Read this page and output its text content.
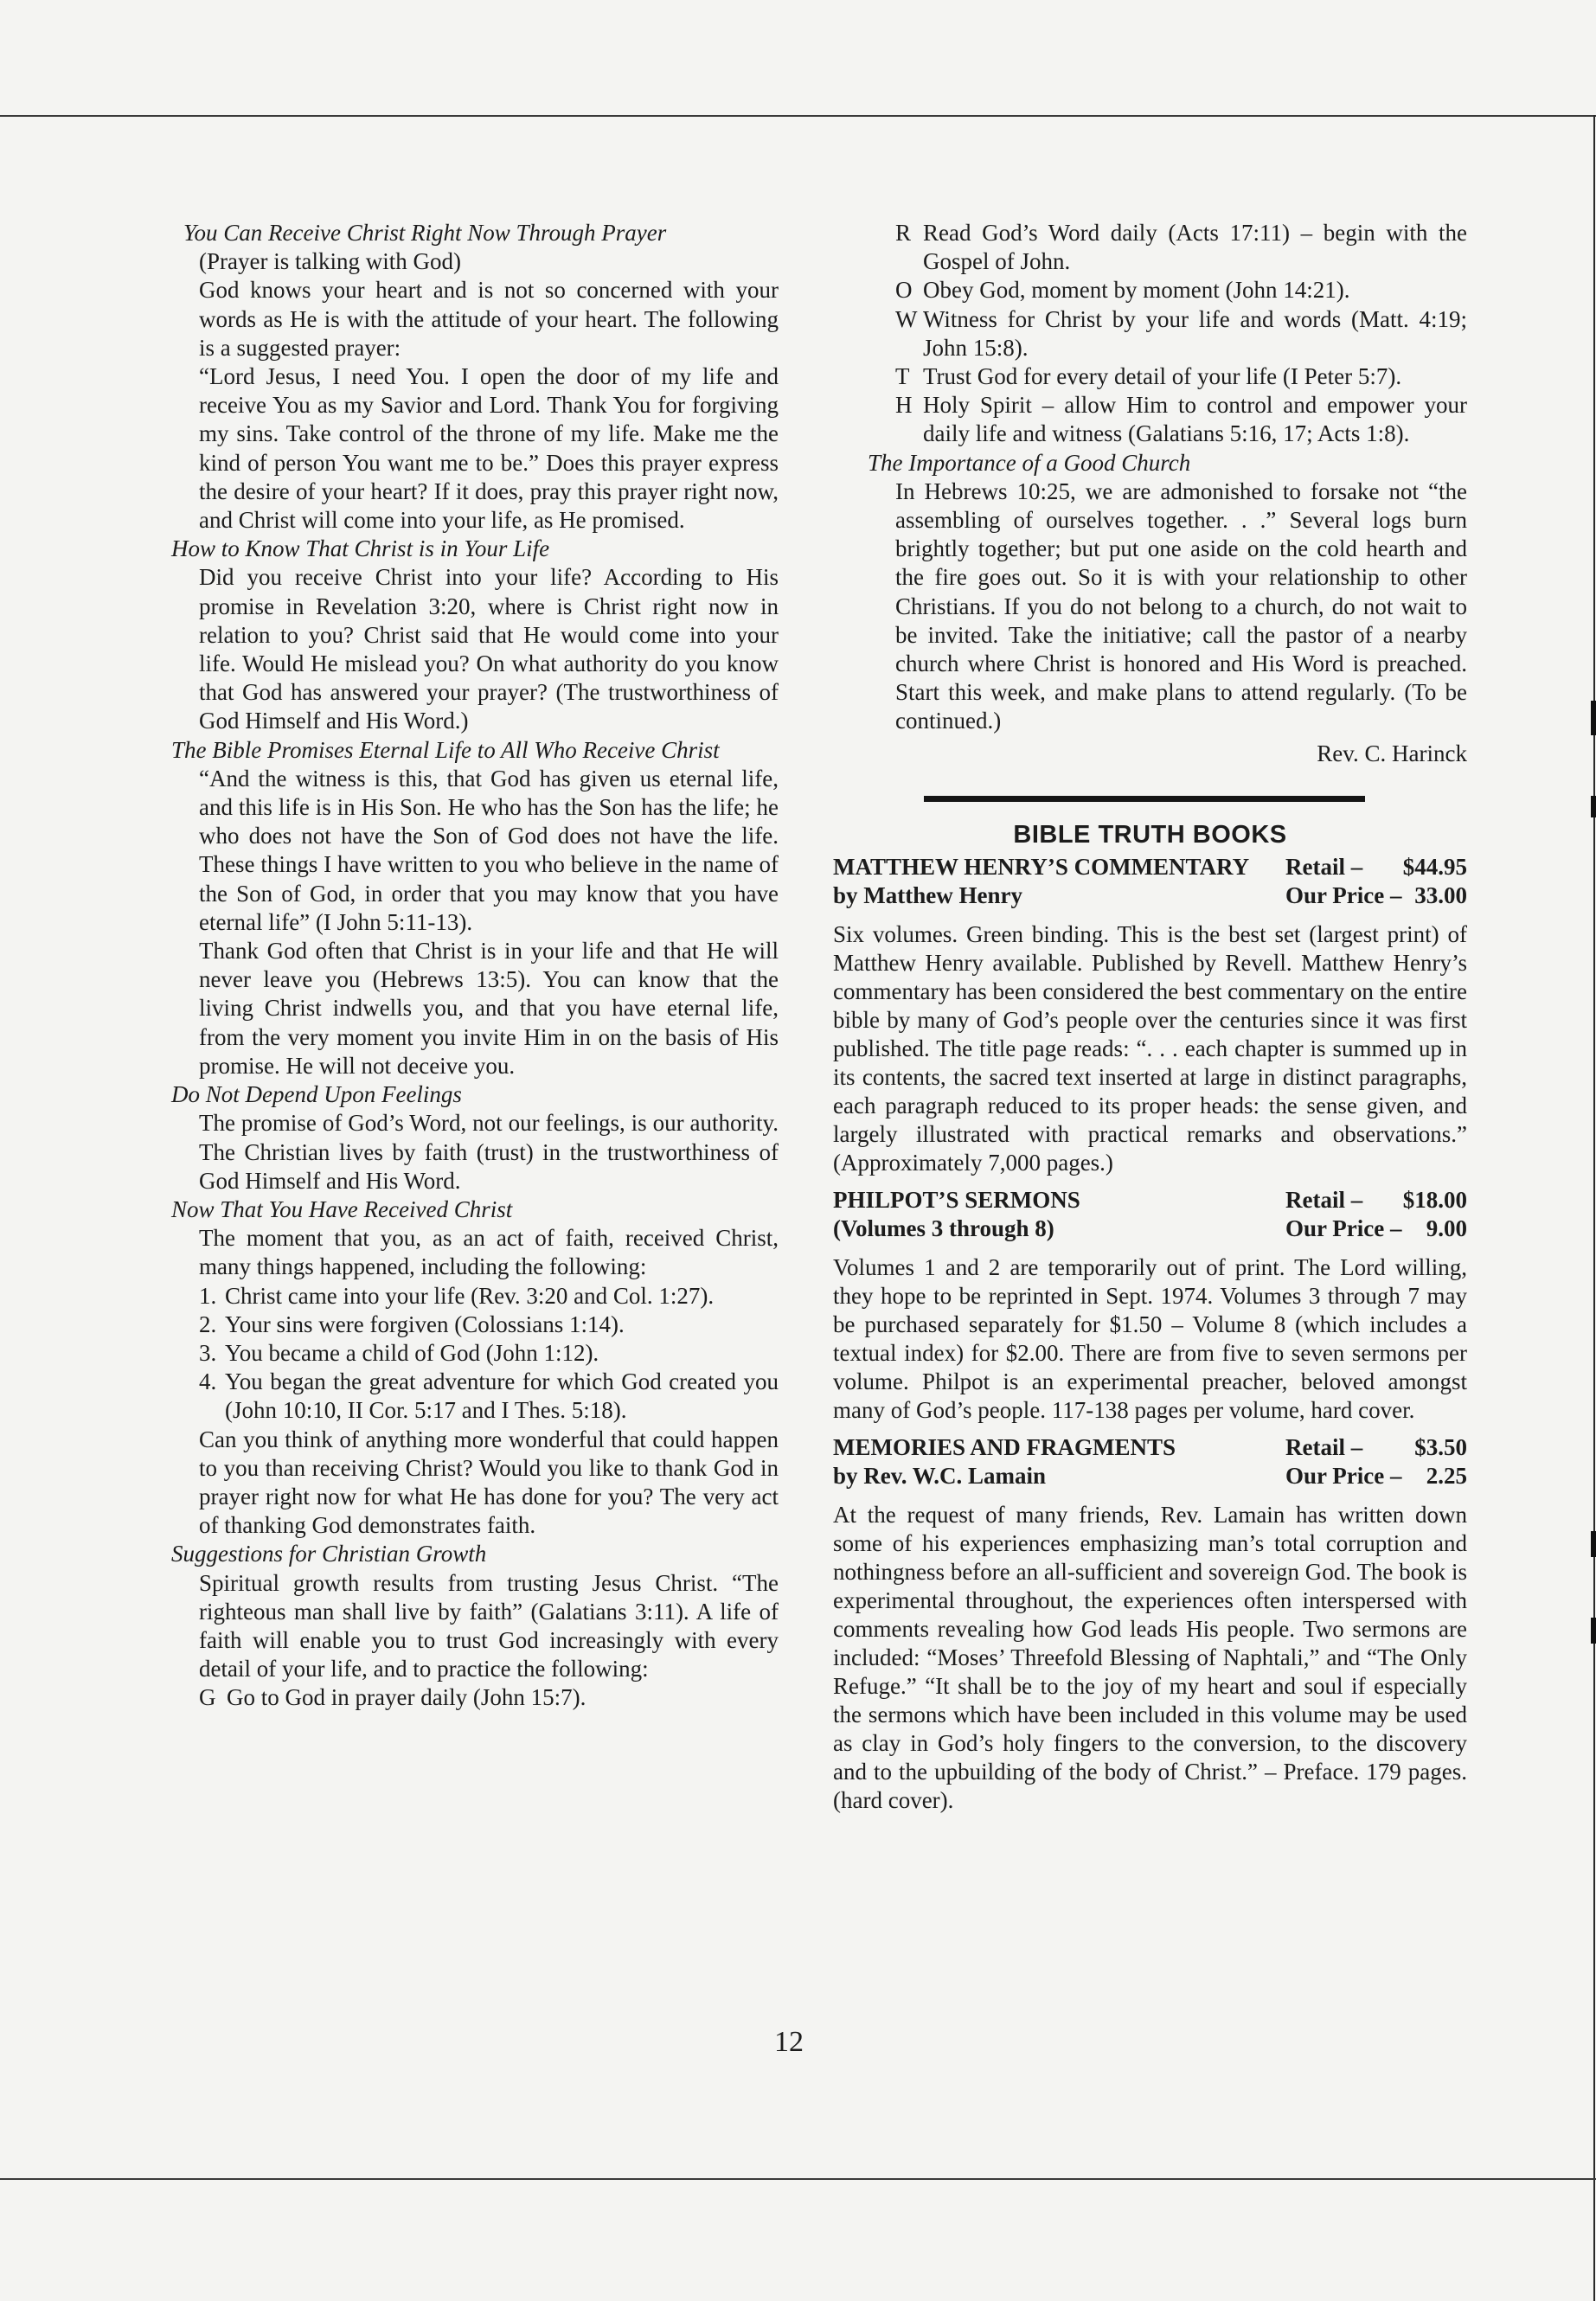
You Can Receive Christ Right Now Through Prayer

(Prayer is talking with God)

God knows your heart and is not so concerned with your words as He is with the attitude of your heart. The following is a suggested prayer:

“Lord Jesus, I need You. I open the door of my life and receive You as my Savior and Lord. Thank You for forgiving my sins. Take control of the throne of my life. Make me the kind of person You want me to be.” Does this prayer express the desire of your heart? If it does, pray this prayer right now, and Christ will come into your life, as He promised.

How to Know That Christ is in Your Life

Did you receive Christ into your life? According to His promise in Revelation 3:20, where is Christ right now in relation to you? Christ said that He would come into your life. Would He mislead you? On what authority do you know that God has answered your prayer? (The trustworthiness of God Himself and His Word.)

The Bible Promises Eternal Life to All Who Receive Christ

“And the witness is this, that God has given us eternal life, and this life is in His Son. He who has the Son has the life; he who does not have the Son of God does not have the life. These things I have written to you who believe in the name of the Son of God, in order that you may know that you have eternal life” (I John 5:11-13).

Thank God often that Christ is in your life and that He will never leave you (Hebrews 13:5). You can know that the living Christ indwells you, and that you have eternal life, from the very moment you invite Him in on the basis of His promise. He will not deceive you.

Do Not Depend Upon Feelings

The promise of God’s Word, not our feelings, is our authority. The Christian lives by faith (trust) in the trustworthiness of God Himself and His Word.

Now That You Have Received Christ

The moment that you, as an act of faith, received Christ, many things happened, including the following:

1. Christ came into your life (Rev. 3:20 and Col. 1:27).
2. Your sins were forgiven (Colossians 1:14).
3. You became a child of God (John 1:12).
4. You began the great adventure for which God created you (John 10:10, II Cor. 5:17 and I Thes. 5:18).

Can you think of anything more wonderful that could happen to you than receiving Christ? Would you like to thank God in prayer right now for what He has done for you? The very act of thanking God demonstrates faith.

Suggestions for Christian Growth

Spiritual growth results from trusting Jesus Christ. “The righteous man shall live by faith” (Galatians 3:11). A life of faith will enable you to trust God increasingly with every detail of your life, and to practice the following:

G Go to God in prayer daily (John 15:7).
R Read God’s Word daily (Acts 17:11) – begin with the Gospel of John.
O Obey God, moment by moment (John 14:21).
W Witness for Christ by your life and words (Matt. 4:19; John 15:8).
T Trust God for every detail of your life (I Peter 5:7).
H Holy Spirit – allow Him to control and empower your daily life and witness (Galatians 5:16, 17; Acts 1:8).

The Importance of a Good Church

In Hebrews 10:25, we are admonished to forsake not “the assembling of ourselves together. . .” Several logs burn brightly together; but put one aside on the cold hearth and the fire goes out. So it is with your relationship to other Christians. If you do not belong to a church, do not wait to be invited. Take the initiative; call the pastor of a nearby church where Christ is honored and His Word is preached. Start this week, and make plans to attend regularly. (To be continued.)

Rev. C. Harinck

BIBLE TRUTH BOOKS
MATTHEW HENRY’S COMMENTARY Retail – $44.95
by Matthew Henry	Our Price – 33.00

Six volumes. Green binding. This is the best set (largest print) of Matthew Henry available. Published by Revell. Matthew Henry’s commentary has been considered the best commentary on the entire bible by many of God’s people over the centuries since it was first published. The title page reads: “. . . each chapter is summed up in its contents, the sacred text inserted at large in distinct paragraphs, each paragraph reduced to its proper heads: the sense given, and largely illustrated with practical remarks and observations.” (Approximately 7,000 pages.)

PHILPOT’S SERMONS	Retail – $18.00
(Volumes 3 through 8)	Our Price – 9.00

Volumes 1 and 2 are temporarily out of print. The Lord willing, they hope to be reprinted in Sept. 1974. Volumes 3 through 7 may be purchased separately for $1.50 – Volume 8 (which includes a textual index) for $2.00. There are from five to seven sermons per volume. Philpot is an experimental preacher, beloved amongst many of God’s people. 117-138 pages per volume, hard cover.

MEMORIES AND FRAGMENTS	Retail – $3.50
by Rev. W.C. Lamain	Our Price – 2.25

At the request of many friends, Rev. Lamain has written down some of his experiences emphasizing man’s total corruption and nothingness before an all-sufficient and sovereign God. The book is experimental throughout, the experiences often interspersed with comments revealing how God leads His people. Two sermons are included: “Moses’ Threefold Blessing of Naphtali,” and “The Only Refuge.” “It shall be to the joy of my heart and soul if especially the sermons which have been included in this volume may be used as clay in God’s holy fingers to the conversion, to the discovery and to the upbuilding of the body of Christ.” – Preface. 179 pages. (hard cover).

12
